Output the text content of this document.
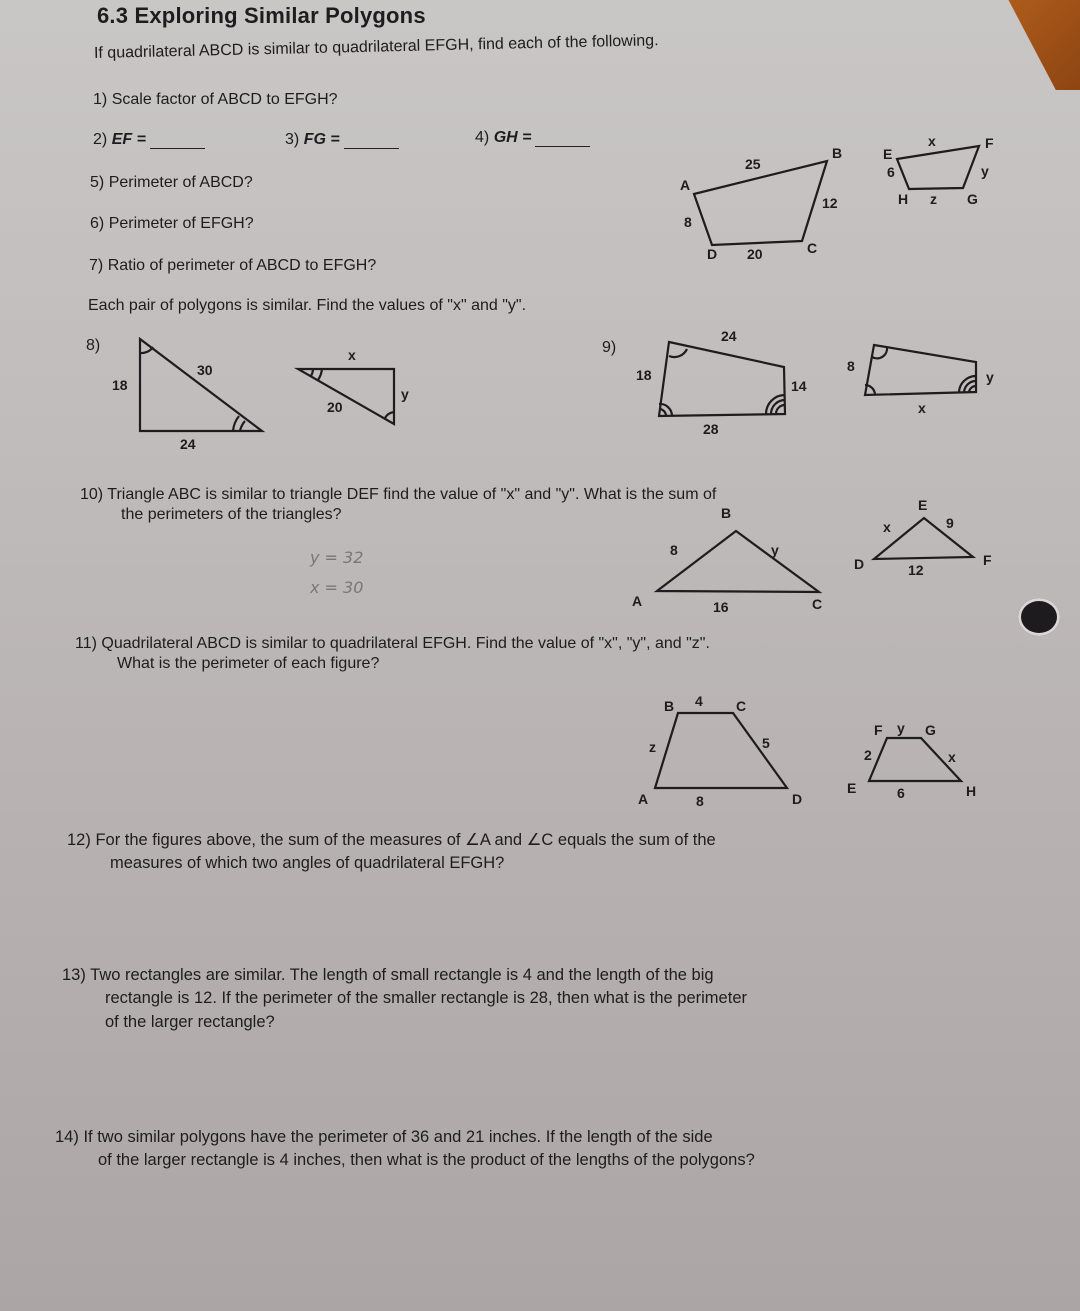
6.3 Exploring Similar Polygons
If quadrilateral ABCD is similar to quadrilateral EFGH, find each of the following.
1) Scale factor of ABCD to EFGH?
2) EF =	3) FG =	4) GH =
5) Perimeter of ABCD?
6) Perimeter of EFGH?
7) Ratio of perimeter of ABCD to EFGH?
Each pair of polygons is similar. Find the values of "x" and "y".
A
B
C
D
25
12
20
8
E
F
G
H
x
y
z
6
8)
18
30
24
x
20
y
9)
24
18
14
28
8
y
x
10) Triangle ABC is similar to triangle DEF find the value of "x" and "y". What is the sum of
the perimeters of the triangles?
y = 32
x = 30
A
B
C
8	y
16
D
E
F
x	9
12
11) Quadrilateral ABCD is similar to quadrilateral EFGH. Find the value of "x", "y", and "z".
What is the perimeter of each figure?
A
B	C
D
4
z	5
8
E
F	G
H
y
2	x
6
12) For the figures above, the sum of the measures of ∠A and ∠C equals the sum of the
measures of which two angles of quadrilateral EFGH?
13) Two rectangles are similar. The length of small rectangle is 4 and the length of the big
rectangle is 12. If the perimeter of the smaller rectangle is 28, then what is the perimeter
of the larger rectangle?
14) If two similar polygons have the perimeter of 36 and 21 inches. If the length of the side
of the larger rectangle is 4 inches, then what is the product of the lengths of the polygons?
